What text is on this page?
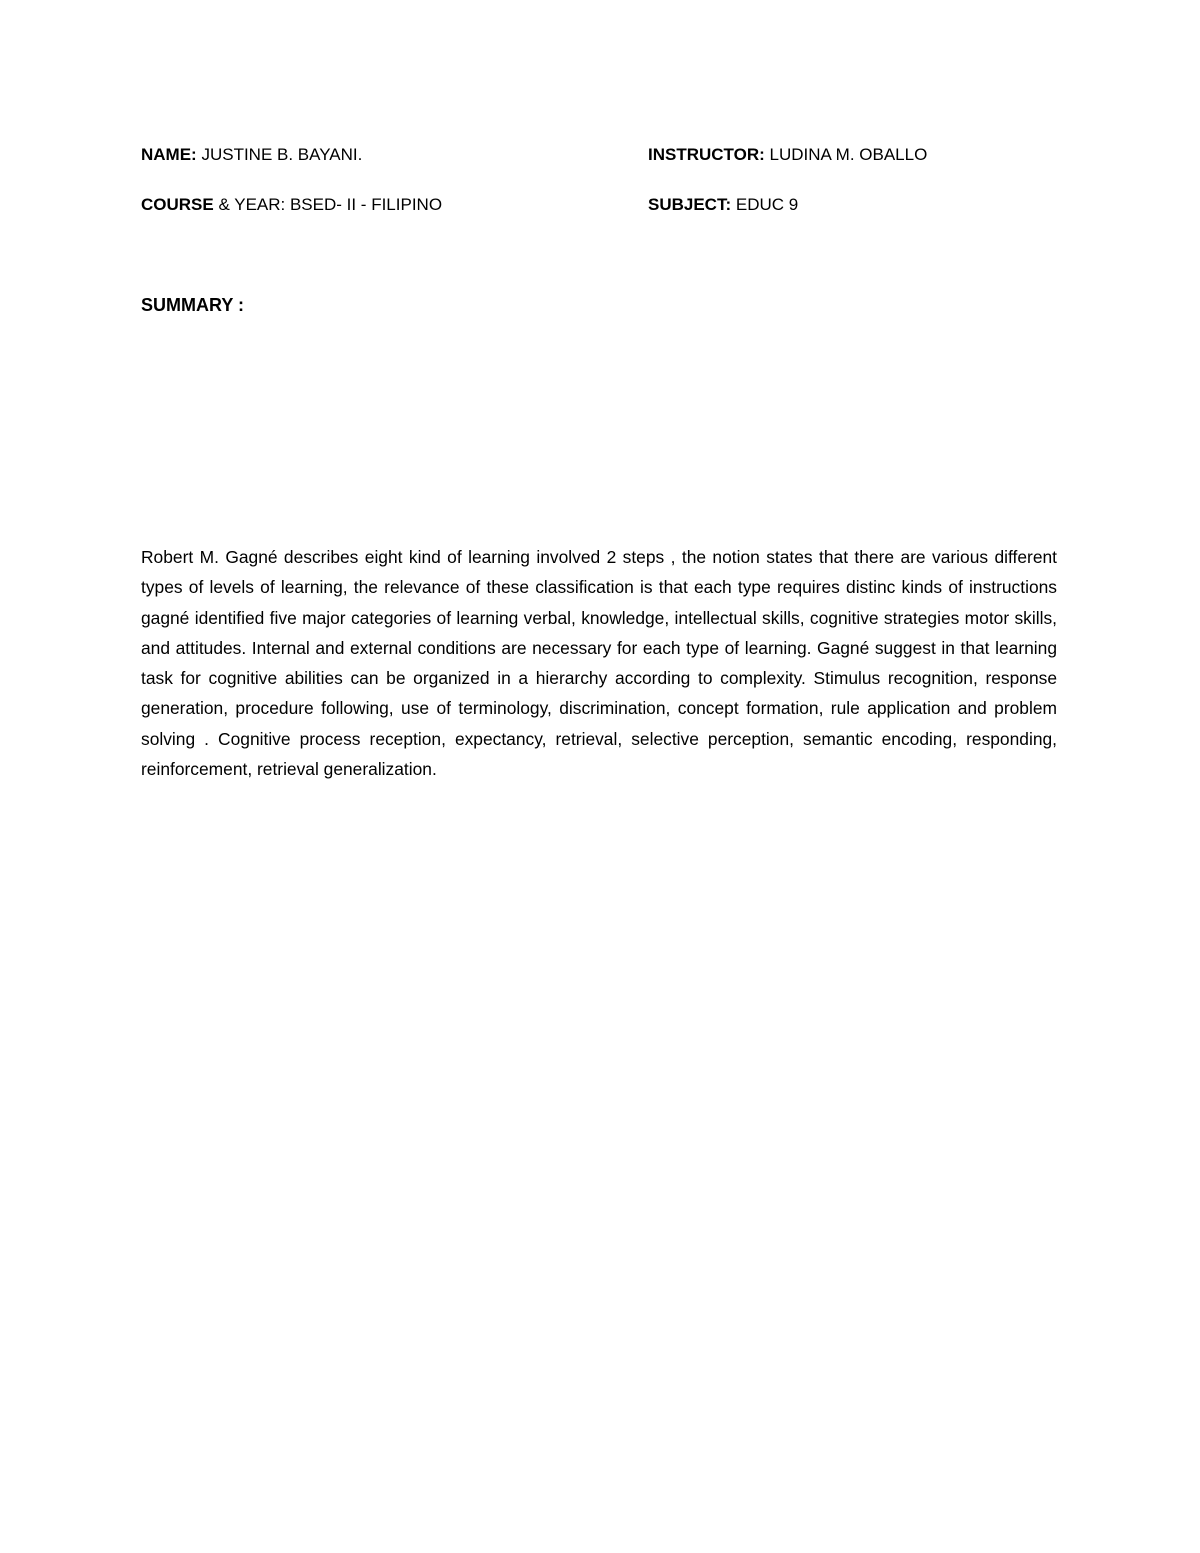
NAME: JUSTINE B. BAYANI.	INSTRUCTOR: LUDINA M. OBALLO
COURSE & YEAR: BSED- II - FILIPINO	SUBJECT: EDUC 9
SUMMARY :

Robert M. Gagné describes eight kind of learning involved 2 steps , the notion states that there are various different types of levels of learning, the relevance of these classification is that each type requires distinc kinds of instructions gagné identified five major categories of learning verbal, knowledge, intellectual skills, cognitive strategies motor skills, and attitudes. Internal and external conditions are necessary for each type of learning. Gagné suggest in that learning task for cognitive abilities can be organized in a hierarchy according to complexity. Stimulus recognition, response generation, procedure following, use of terminology, discrimination, concept formation, rule application and problem solving . Cognitive process reception, expectancy, retrieval, selective perception, semantic encoding, responding, reinforcement, retrieval generalization.
